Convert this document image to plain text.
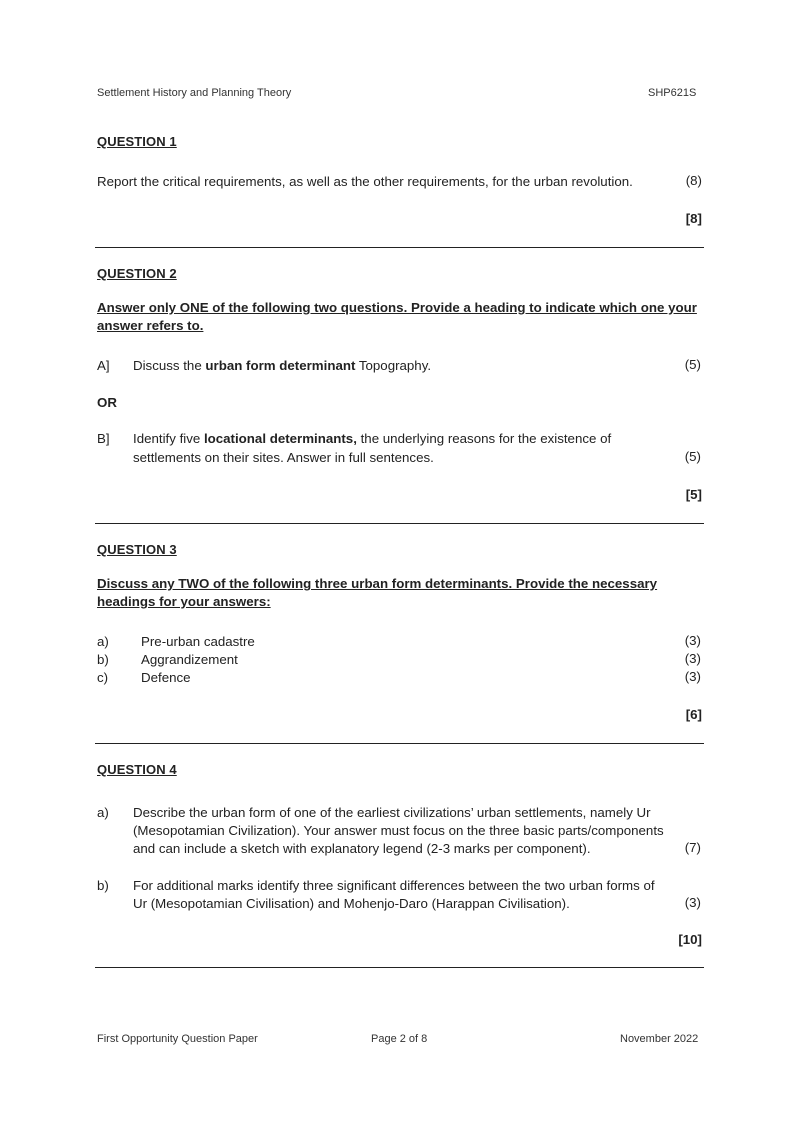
Settlement History and Planning Theory	SHP621S
QUESTION 1
Report the critical requirements, as well as the other requirements, for the urban revolution.	(8)
[8]
QUESTION 2
Answer only ONE of the following two questions. Provide a heading to indicate which one your
answer refers to.
A] Discuss the urban form determinant Topography.	(5)
OR
B] Identify five locational determinants, the underlying reasons for the existence of
settlements on their sites. Answer in full sentences.	(5)
[5]
QUESTION 3
Discuss any TWO of the following three urban form determinants. Provide the necessary
headings for your answers:
a) Pre-urban cadastre	(3)
b) Aggrandizement	(3)
c) Defence	(3)
[6]
QUESTION 4
a) Describe the urban form of one of the earliest civilizations’ urban settlements, namely Ur
(Mesopotamian Civilization). Your answer must focus on the three basic parts/components
and can include a sketch with explanatory legend (2-3 marks per component).	(7)
b) For additional marks identify three significant differences between the two urban forms of
Ur (Mesopotamian Civilisation) and Mohenjo-Daro (Harappan Civilisation).	(3)
[10]
First Opportunity Question Paper	Page 2 of 8	November 2022
